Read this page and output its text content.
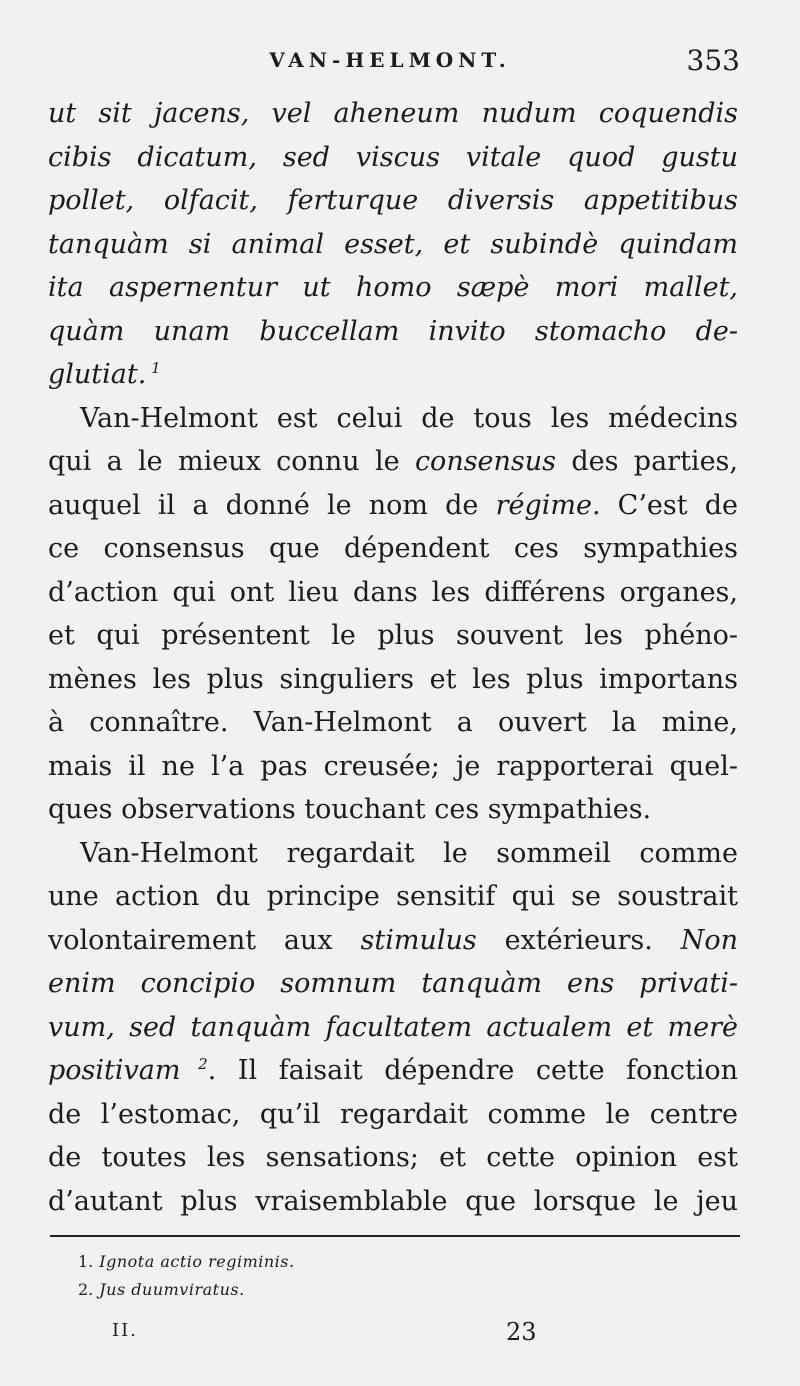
VAN-HELMONT.	353
ut sit jacens, vel aheneum nudum coquendis
cibis dicatum, sed viscus vitale quod gustu
pollet, olfacit, ferturque diversis appetitibus
tanquàm si animal esset, et subindè quindam
ita aspernentur ut homo sæpè mori mallet,
quàm unam buccellam invito stomacho de-
glutiat. $^1$
Van-Helmont est celui de tous les médecins
qui a le mieux connu le consensus des parties,
auquel il a donné le nom de régime. C’est de
ce consensus que dépendent ces sympathies
d’action qui ont lieu dans les différens organes,
et qui présentent le plus souvent les phéno-
mènes les plus singuliers et les plus importans
à connaître. Van-Helmont a ouvert la mine,
mais il ne l’a pas creusée; je rapporterai quel-
ques observations touchant ces sympathies.
Van-Helmont regardait le sommeil comme
une action du principe sensitif qui se soustrait
volontairement aux stimulus extérieurs. Non
enim concipio somnum tanquàm ens privati-
vum, sed tanquàm facultatem actualem et merè
positivam $^2$. Il faisait dépendre cette fonction
de l’estomac, qu’il regardait comme le centre
de toutes les sensations; et cette opinion est
d’autant plus vraisemblable que lorsque le jeu
1. Ignota actio regiminis.
2. Jus duumviratus.
II.	23
